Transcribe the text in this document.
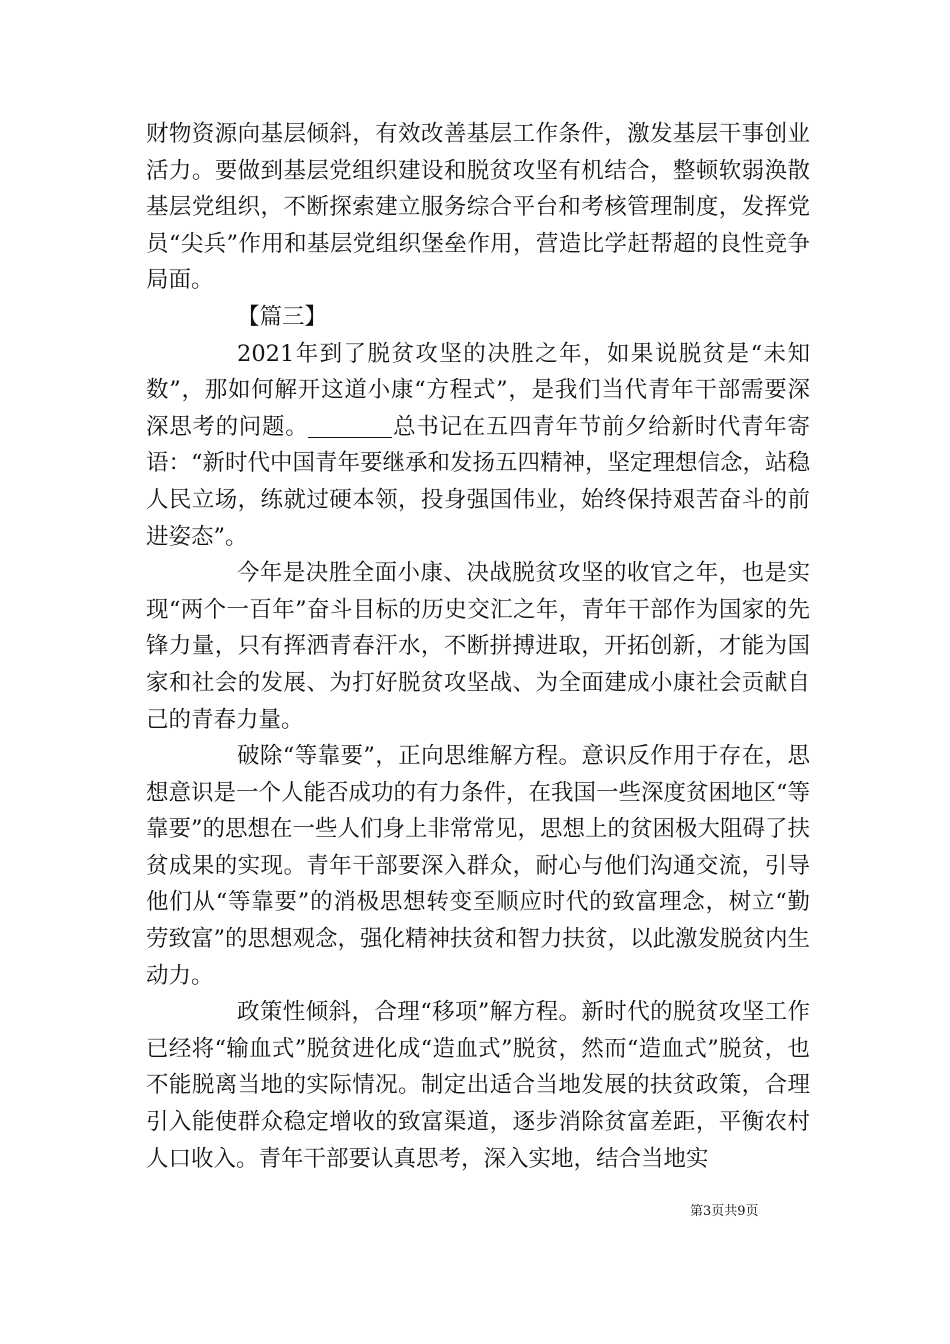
财物资源向基层倾斜，有效改善基层工作条件，激发基层干事创业活力。要做到基层党组织建设和脱贫攻坚有机结合，整顿软弱涣散基层党组织，不断探索建立服务综合平台和考核管理制度，发挥党员“尖兵”作用和基层党组织堡垒作用，营造比学赶帮超的良性竞争局面。

【篇三】

2021年到了脱贫攻坚的决胜之年，如果说脱贫是“未知数”，那如何解开这道小康“方程式”，是我们当代青年干部需要深深思考的问题。	总书记在五四青年节前夕给新时代青年寄语：“新时代中国青年要继承和发扬五四精神，坚定理想信念，站稳人民立场，练就过硬本领，投身强国伟业，始终保持艰苦奋斗的前进姿态”。

今年是决胜全面小康、决战脱贫攻坚的收官之年，也是实现“两个一百年”奋斗目标的历史交汇之年，青年干部作为国家的先锋力量，只有挥洒青春汗水，不断拼搏进取，开拓创新，才能为国家和社会的发展、为打好脱贫攻坚战、为全面建成小康社会贡献自己的青春力量。

破除“等靠要”，正向思维解方程。意识反作用于存在，思想意识是一个人能否成功的有力条件，在我国一些深度贫困地区“等靠要”的思想在一些人们身上非常常见，思想上的贫困极大阻碍了扶贫成果的实现。青年干部要深入群众，耐心与他们沟通交流，引导他们从“等靠要”的消极思想转变至顺应时代的致富理念，树立“勤劳致富”的思想观念，强化精神扶贫和智力扶贫，以此激发脱贫内生动力。

政策性倾斜，合理“移项”解方程。新时代的脱贫攻坚工作已经将“输血式”脱贫进化成“造血式”脱贫，然而“造血式”脱贫，也不能脱离当地的实际情况。制定出适合当地发展的扶贫政策，合理引入能使群众稳定增收的致富渠道，逐步消除贫富差距，平衡农村人口收入。青年干部要认真思考，深入实地，结合当地实

第3页共9页
